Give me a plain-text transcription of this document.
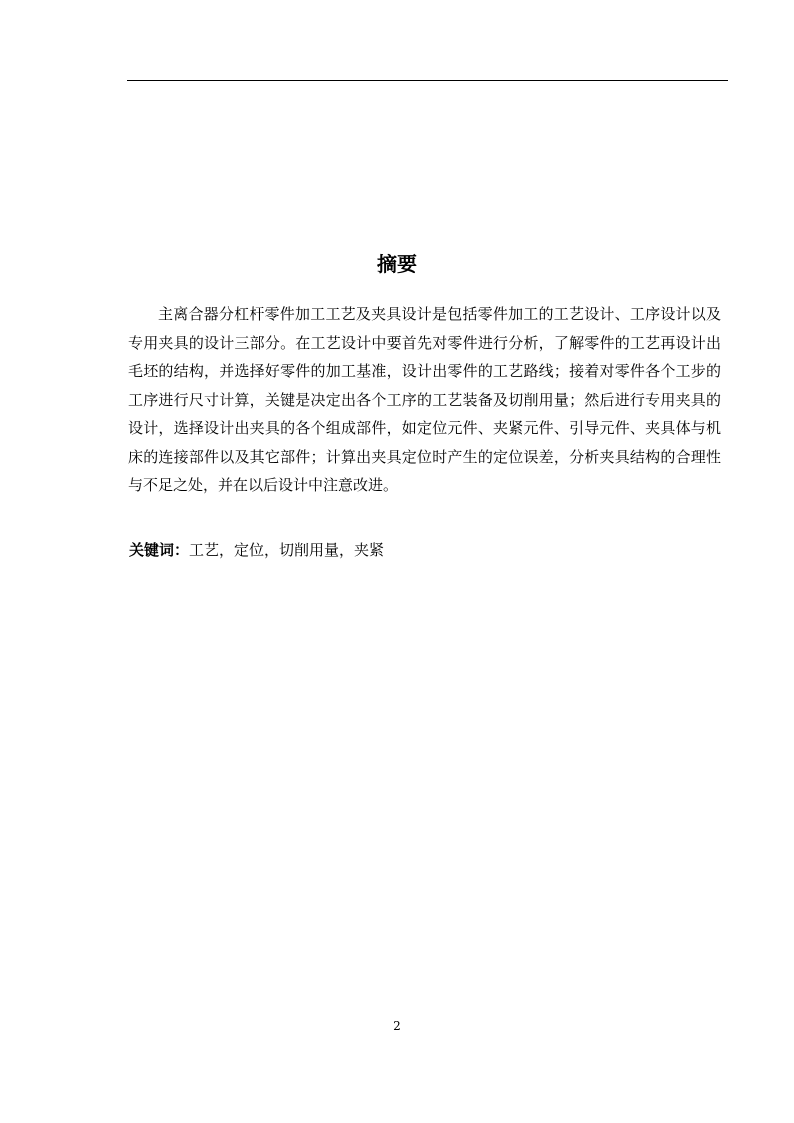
摘要

主离合器分杠杆零件加工工艺及夹具设计是包括零件加工的工艺设计、工序设计以及专用夹具的设计三部分。在工艺设计中要首先对零件进行分析，了解零件的工艺再设计出毛坯的结构，并选择好零件的加工基准，设计出零件的工艺路线；接着对零件各个工步的工序进行尺寸计算，关键是决定出各个工序的工艺装备及切削用量；然后进行专用夹具的设计，选择设计出夹具的各个组成部件，如定位元件、夹紧元件、引导元件、夹具体与机床的连接部件以及其它部件；计算出夹具定位时产生的定位误差，分析夹具结构的合理性与不足之处，并在以后设计中注意改进。

关键词：工艺，定位，切削用量，夹紧
2
